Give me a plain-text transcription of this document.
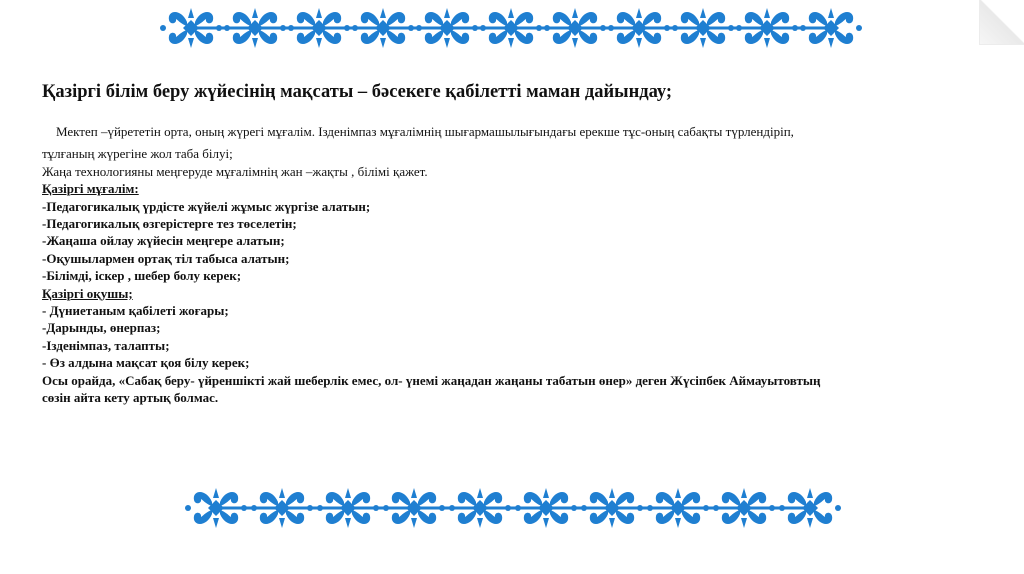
Қазіргі білім беру жүйесінің мақсаты – бәсекеге қабілетті маман дайындау;

Мектеп –үйрететін орта, оның жүрегі мұғалім. Ізденімпаз мұғалімнің шығармашылығындағы ерекше тұс-оның сабақты түрлендіріп,

тұлғаның жүрегіне жол таба білуі;

Жаңа технологияны меңгеруде мұғалімнің жан –жақты , білімі қажет.

Қазіргі мұғалім:

-Педагогикалық үрдісте жүйелі жұмыс жүргізе алатын;

-Педагогикалық өзгерістерге тез төселетін;

-Жаңаша ойлау жүйесін меңгере алатын;

-Оқушылармен ортақ тіл табыса алатын;

-Білімді, іскер , шебер болу керек;

Қазіргі оқушы;

- Дүниетаным қабілеті жоғары;

-Дарынды, өнерпаз;

-Ізденімпаз, талапты;

- Өз алдына мақсат қоя білу керек;

Осы орайда, «Сабақ беру- үйреншікті жай шеберлік емес, ол- үнемі жаңадан жаңаны табатын өнер» деген Жүсіпбек Аймауытовтың

сөзін айта кету артық болмас.
